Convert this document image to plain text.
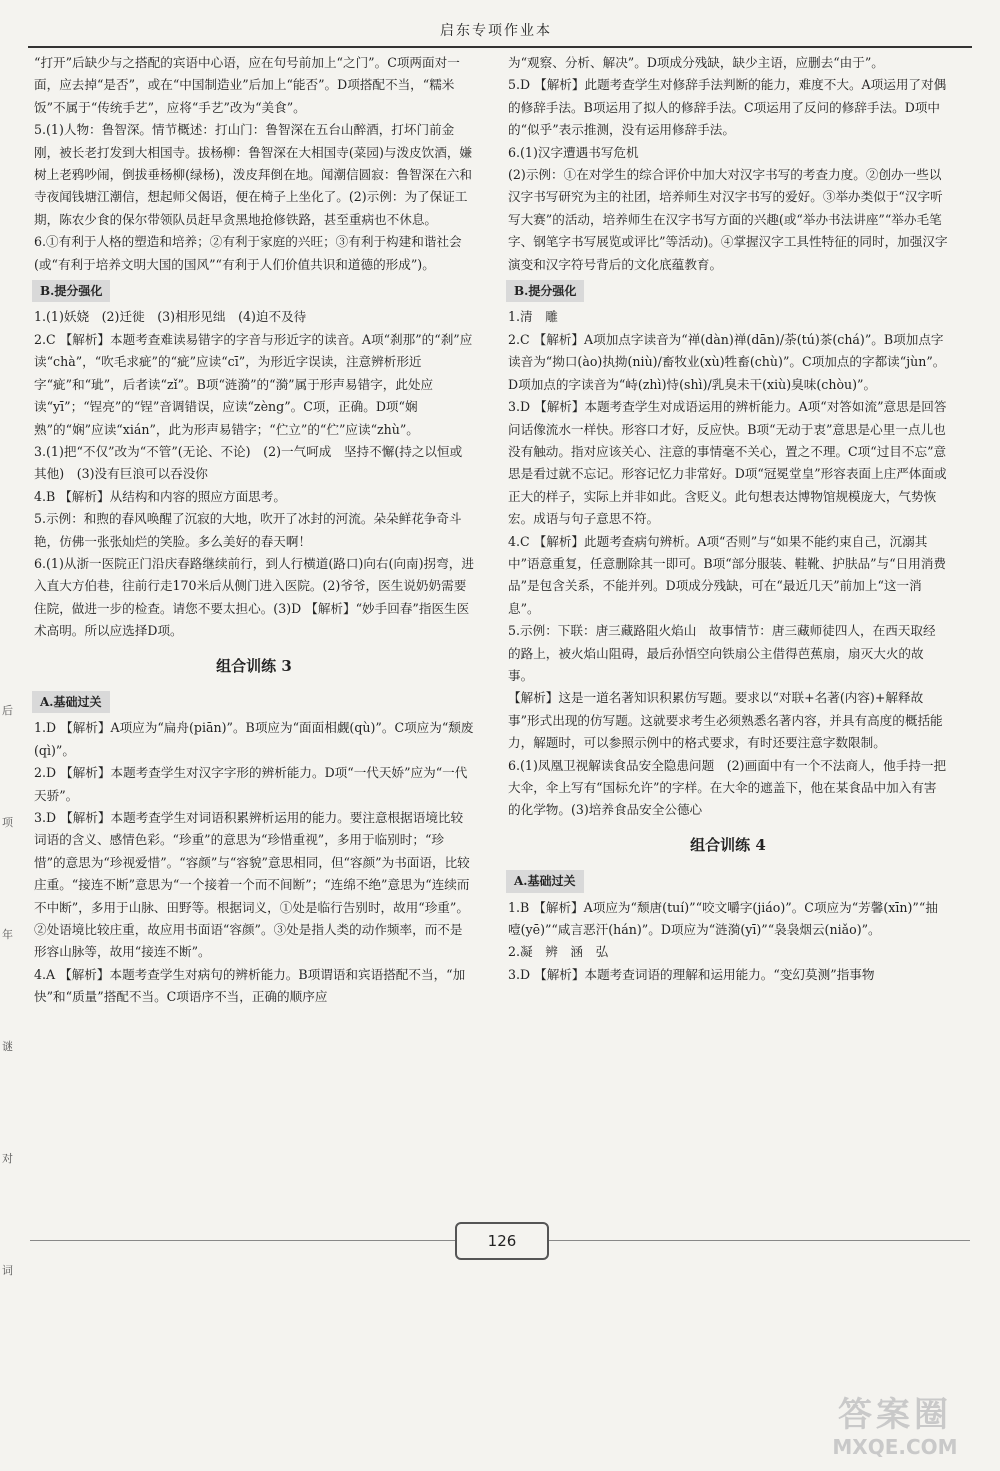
启东专项作业本

“打开”后缺少与之搭配的宾语中心语，应在句号前加上“之门”。C项两面对一面，应去掉“是否”，或在“中国制造业”后加上“能否”。D项搭配不当，“糯米饭”不属于“传统手艺”，应将“手艺”改为“美食”。

5.(1)人物：鲁智深。情节概述：打山门：鲁智深在五台山醉酒，打坏门前金刚，被长老打发到大相国寺。拔杨柳：鲁智深在大相国寺(菜园)与泼皮饮酒，嫌树上老鸦吵闹，倒拔垂杨柳(绿杨)，泼皮拜倒在地。闻潮信圆寂：鲁智深在六和寺夜闻钱塘江潮信，想起师父偈语，便在椅子上坐化了。(2)示例：为了保证工期，陈农少食的保尔带领队员赶早贪黑地抢修铁路，甚至重病也不休息。

6.①有利于人格的塑造和培养；②有利于家庭的兴旺；③有利于构建和谐社会(或“有利于培养文明大国的国风”“有利于人们价值共识和道德的形成”)。

B.提分强化

1.(1)妖娆　(2)迁徙　(3)相形见绌　(4)迫不及待

2.C 【解析】本题考查难读易错字的字音与形近字的读音。A项“刹那”的“刹”应读“chà”，“吹毛求疵”的“疵”应读“cī”，为形近字误读，注意辨析形近字“疵”和“玼”，后者读“zǐ”。B项“涟漪”的“漪”属于形声易错字，此处应读“yī”；“锃亮”的“锃”音调错误，应读“zèng”。C项，正确。D项“娴熟”的“娴”应读“xián”，此为形声易错字；“伫立”的“伫”应读“zhù”。

3.(1)把“不仅”改为“不管”(无论、不论)　(2)一气呵成　坚持不懈(持之以恒或其他)　(3)没有巨浪可以吞没你

4.B 【解析】从结构和内容的照应方面思考。

5.示例：和煦的春风唤醒了沉寂的大地，吹开了冰封的河流。朵朵鲜花争奇斗艳，仿佛一张张灿烂的笑脸。多么美好的春天啊！

6.(1)从浙一医院正门沿庆春路继续前行，到人行横道(路口)向右(向南)拐弯，进入直大方伯巷，往前行走170米后从侧门进入医院。(2)爷爷，医生说奶奶需要住院，做进一步的检查。请您不要太担心。(3)D 【解析】“妙手回春”指医生医术高明。所以应选择D项。

组合训练 3
A.基础过关

1.D 【解析】A项应为“扁舟(piān)”。B项应为“面面相觑(qù)”。C项应为“颓废(qì)”。

2.D 【解析】本题考查学生对汉字字形的辨析能力。D项“一代天娇”应为“一代天骄”。

3.D 【解析】本题考查学生对词语积累辨析运用的能力。要注意根据语境比较词语的含义、感情色彩。“珍重”的意思为“珍惜重视”，多用于临别时；“珍惜”的意思为“珍视爱惜”。“容颜”与“容貌”意思相同，但“容颜”为书面语，比较庄重。“接连不断”意思为“一个接着一个而不间断”；“连绵不绝”意思为“连续而不中断”，多用于山脉、田野等。根据词义，①处是临行告别时，故用“珍重”。②处语境比较庄重，故应用书面语“容颜”。③处是指人类的动作频率，而不是形容山脉等，故用“接连不断”。

4.A 【解析】本题考查学生对病句的辨析能力。B项谓语和宾语搭配不当，“加快”和“质量”搭配不当。C项语序不当，正确的顺序应

为“观察、分析、解决”。D项成分残缺，缺少主语，应删去“由于”。

5.D 【解析】此题考查学生对修辞手法判断的能力，难度不大。A项运用了对偶的修辞手法。B项运用了拟人的修辞手法。C项运用了反问的修辞手法。D项中的“似乎”表示推测，没有运用修辞手法。

6.(1)汉字遭遇书写危机

(2)示例：①在对学生的综合评价中加大对汉字书写的考查力度。②创办一些以汉字书写研究为主的社团，培养师生对汉字书写的爱好。③举办类似于“汉字听写大赛”的活动，培养师生在汉字书写方面的兴趣(或“举办书法讲座”“举办毛笔字、钢笔字书写展览或评比”等活动)。④掌握汉字工具性特征的同时，加强汉字演变和汉字符号背后的文化底蕴教育。

B.提分强化

1.清　雕

2.C 【解析】A项加点字读音为“禅(dàn)禅(dān)/荼(tú)茶(chá)”。B项加点字读音为“拗口(ào)执拗(niù)/畜牧业(xù)牲畜(chù)”。C项加点的字都读“jùn”。D项加点的字读音为“峙(zhì)恃(shì)/乳臭未干(xiù)臭味(chòu)”。

3.D 【解析】本题考查学生对成语运用的辨析能力。A项“对答如流”意思是回答问话像流水一样快。形容口才好，反应快。B项“无动于衷”意思是心里一点儿也没有触动。指对应该关心、注意的事情毫不关心，置之不理。C项“过目不忘”意思是看过就不忘记。形容记忆力非常好。D项“冠冕堂皇”形容表面上庄严体面或正大的样子，实际上并非如此。含贬义。此句想表达博物馆规模庞大，气势恢宏。成语与句子意思不符。

4.C 【解析】此题考查病句辨析。A项“否则”与“如果不能约束自己，沉溺其中”语意重复，任意删除其一即可。B项“部分服装、鞋靴、护肤品”与“日用消费品”是包含关系，不能并列。D项成分残缺，可在“最近几天”前加上“这一消息”。

5.示例：下联：唐三藏路阻火焰山　故事情节：唐三藏师徒四人，在西天取经的路上，被火焰山阻碍，最后孙悟空向铁扇公主借得芭蕉扇，扇灭大火的故事。

【解析】这是一道名著知识积累仿写题。要求以“对联+名著(内容)+解释故事”形式出现的仿写题。这就要求考生必须熟悉名著内容，并具有高度的概括能力，解题时，可以参照示例中的格式要求，有时还要注意字数限制。

6.(1)凤凰卫视解读食品安全隐患问题　(2)画面中有一个不法商人，他手持一把大伞，伞上写有“国标允许”的字样。在大伞的遮盖下，他在某食品中加入有害的化学物。(3)培养食品安全公德心

组合训练 4
A.基础过关

1.B 【解析】A项应为“颓唐(tuí)”“咬文嚼字(jiáo)”。C项应为“芳馨(xīn)”“抽噎(yē)”“咸言恶汗(hán)”。D项应为“涟漪(yī)”“袅袅烟云(niǎo)”。

2.凝　辨　涵　弘

3.D 【解析】本题考查词语的理解和运用能力。“变幻莫测”指事物

后
项
年
谜
对
词
126
答案圈
MXQE.COM
